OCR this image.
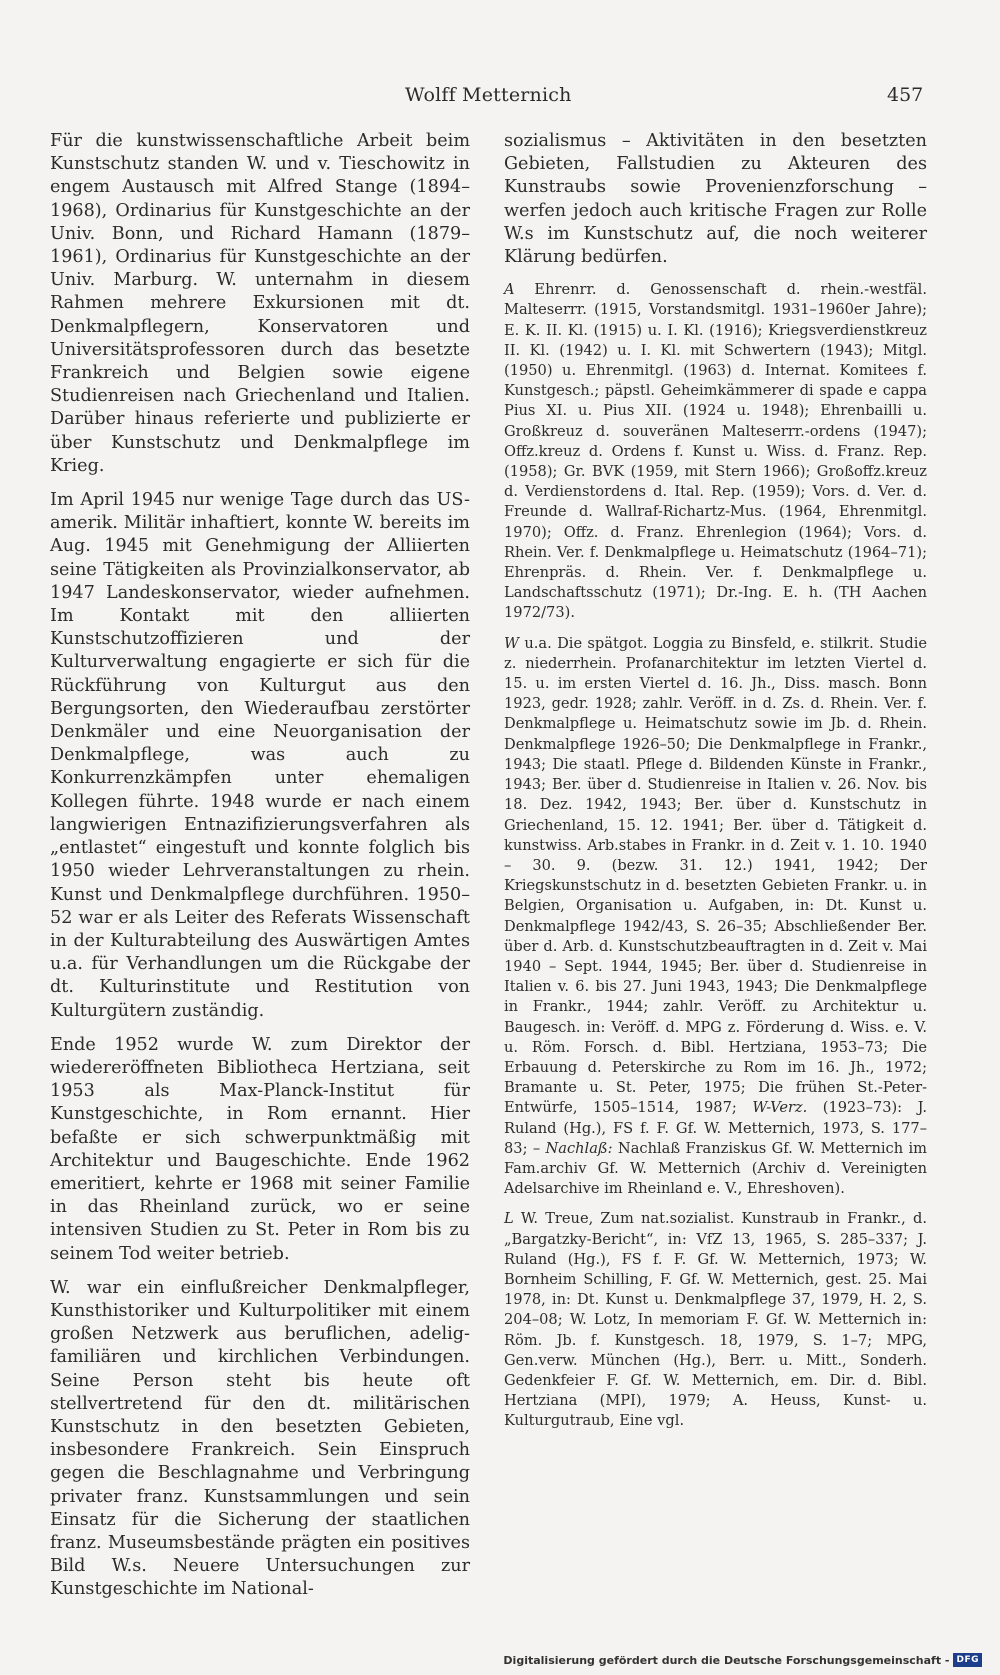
Wolff Metternich	457

Für die kunstwissenschaftliche Arbeit beim Kunstschutz standen W. und v. Tieschowitz in engem Austausch mit Alfred Stange (1894–1968), Ordinarius für Kunstgeschichte an der Univ. Bonn, und Richard Hamann (1879–1961), Ordinarius für Kunstgeschichte an der Univ. Marburg. W. unternahm in diesem Rahmen mehrere Exkursionen mit dt. Denkmalpflegern, Konservatoren und Universitätsprofessoren durch das besetzte Frankreich und Belgien sowie eigene Studienreisen nach Griechenland und Italien. Darüber hinaus referierte und publizierte er über Kunstschutz und Denkmalpflege im Krieg.

Im April 1945 nur wenige Tage durch das US-amerik. Militär inhaftiert, konnte W. bereits im Aug. 1945 mit Genehmigung der Alliierten seine Tätigkeiten als Provinzialkonservator, ab 1947 Landeskonservator, wieder aufnehmen. Im Kontakt mit den alliierten Kunstschutzoffizieren und der Kulturverwaltung engagierte er sich für die Rückführung von Kulturgut aus den Bergungsorten, den Wiederaufbau zerstörter Denkmäler und eine Neuorganisation der Denkmalpflege, was auch zu Konkurrenzkämpfen unter ehemaligen Kollegen führte. 1948 wurde er nach einem langwierigen Entnazifizierungsverfahren als „entlastet“ eingestuft und konnte folglich bis 1950 wieder Lehrveranstaltungen zu rhein. Kunst und Denkmalpflege durchführen. 1950–52 war er als Leiter des Referats Wissenschaft in der Kulturabteilung des Auswärtigen Amtes u.a. für Verhandlungen um die Rückgabe der dt. Kulturinstitute und Restitution von Kulturgütern zuständig.

Ende 1952 wurde W. zum Direktor der wiedereröffneten Bibliotheca Hertziana, seit 1953 als Max-Planck-Institut für Kunstgeschichte, in Rom ernannt. Hier befaßte er sich schwerpunktmäßig mit Architektur und Baugeschichte. Ende 1962 emeritiert, kehrte er 1968 mit seiner Familie in das Rheinland zurück, wo er seine intensiven Studien zu St. Peter in Rom bis zu seinem Tod weiter betrieb.

W. war ein einflußreicher Denkmalpfleger, Kunsthistoriker und Kulturpolitiker mit einem großen Netzwerk aus beruflichen, adelig-familiären und kirchlichen Verbindungen. Seine Person steht bis heute oft stellvertretend für den dt. militärischen Kunstschutz in den besetzten Gebieten, insbesondere Frankreich. Sein Einspruch gegen die Beschlagnahme und Verbringung privater franz. Kunstsammlungen und sein Einsatz für die Sicherung der staatlichen franz. Museumsbestände prägten ein positives Bild W.s. Neuere Untersuchungen zur Kunstgeschichte im National-

sozialismus – Aktivitäten in den besetzten Gebieten, Fallstudien zu Akteuren des Kunstraubs sowie Provenienzforschung – werfen jedoch auch kritische Fragen zur Rolle W.s im Kunstschutz auf, die noch weiterer Klärung bedürfen.

A Ehrenrr. d. Genossenschaft d. rhein.-westfäl. Malteserrr. (1915, Vorstandsmitgl. 1931–1960er Jahre); E. K. II. Kl. (1915) u. I. Kl. (1916); Kriegsverdienstkreuz II. Kl. (1942) u. I. Kl. mit Schwertern (1943); Mitgl. (1950) u. Ehrenmitgl. (1963) d. Internat. Komitees f. Kunstgesch.; päpstl. Geheimkämmerer di spade e cappa Pius XI. u. Pius XII. (1924 u. 1948); Ehrenbailli u. Großkreuz d. souveränen Malteserrr.-ordens (1947); Offz.kreuz d. Ordens f. Kunst u. Wiss. d. Franz. Rep. (1958); Gr. BVK (1959, mit Stern 1966); Großoffz.kreuz d. Verdienstordens d. Ital. Rep. (1959); Vors. d. Ver. d. Freunde d. Wallraf-Richartz-Mus. (1964, Ehrenmitgl. 1970); Offz. d. Franz. Ehrenlegion (1964); Vors. d. Rhein. Ver. f. Denkmalpflege u. Heimatschutz (1964–71); Ehrenpräs. d. Rhein. Ver. f. Denkmalpflege u. Landschaftsschutz (1971); Dr.-Ing. E. h. (TH Aachen 1972/73).

W u.a. Die spätgot. Loggia zu Binsfeld, e. stilkrit. Studie z. niederrhein. Profanarchitektur im letzten Viertel d. 15. u. im ersten Viertel d. 16. Jh., Diss. masch. Bonn 1923, gedr. 1928; zahlr. Veröff. in d. Zs. d. Rhein. Ver. f. Denkmalpflege u. Heimatschutz sowie im Jb. d. Rhein. Denkmalpflege 1926–50; Die Denkmalpflege in Frankr., 1943; Die staatl. Pflege d. Bildenden Künste in Frankr., 1943; Ber. über d. Studienreise in Italien v. 26. Nov. bis 18. Dez. 1942, 1943; Ber. über d. Kunstschutz in Griechenland, 15. 12. 1941; Ber. über d. Tätigkeit d. kunstwiss. Arb.stabes in Frankr. in d. Zeit v. 1. 10. 1940 – 30. 9. (bezw. 31. 12.) 1941, 1942; Der Kriegskunstschutz in d. besetzten Gebieten Frankr. u. in Belgien, Organisation u. Aufgaben, in: Dt. Kunst u. Denkmalpflege 1942/43, S. 26–35; Abschließender Ber. über d. Arb. d. Kunstschutzbeauftragten in d. Zeit v. Mai 1940 – Sept. 1944, 1945; Ber. über d. Studienreise in Italien v. 6. bis 27. Juni 1943, 1943; Die Denkmalpflege in Frankr., 1944; zahlr. Veröff. zu Architektur u. Baugesch. in: Veröff. d. MPG z. Förderung d. Wiss. e. V. u. Röm. Forsch. d. Bibl. Hertziana, 1953–73; Die Erbauung d. Peterskirche zu Rom im 16. Jh., 1972; Bramante u. St. Peter, 1975; Die frühen St.-Peter-Entwürfe, 1505–1514, 1987; W-Verz. (1923–73): J. Ruland (Hg.), FS f. F. Gf. W. Metternich, 1973, S. 177–83; – Nachlaß: Nachlaß Franziskus Gf. W. Metternich im Fam.archiv Gf. W. Metternich (Archiv d. Vereinigten Adelsarchive im Rheinland e. V., Ehreshoven).

L W. Treue, Zum nat.sozialist. Kunstraub in Frankr., d. „Bargatzky-Bericht“, in: VfZ 13, 1965, S. 285–337; J. Ruland (Hg.), FS f. F. Gf. W. Metternich, 1973; W. Bornheim Schilling, F. Gf. W. Metternich, gest. 25. Mai 1978, in: Dt. Kunst u. Denkmalpflege 37, 1979, H. 2, S. 204–08; W. Lotz, In memoriam F. Gf. W. Metternich in: Röm. Jb. f. Kunstgesch. 18, 1979, S. 1–7; MPG, Gen.verw. München (Hg.), Berr. u. Mitt., Sonderh. Gedenkfeier F. Gf. W. Metternich, em. Dir. d. Bibl. Hertziana (MPI), 1979; A. Heuss, Kunst- u. Kulturgutraub, Eine vgl.

Digitalisierung gefördert durch die Deutsche Forschungsgemeinschaft - DFG
